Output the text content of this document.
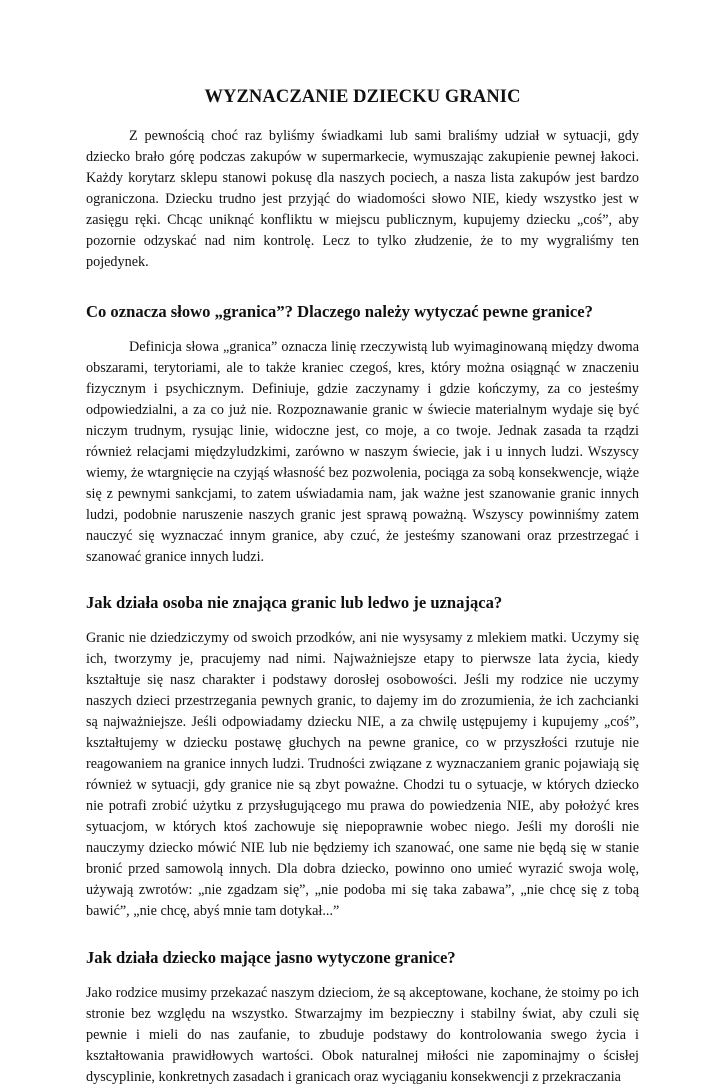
WYZNACZANIE DZIECKU GRANIC

Z pewnością choć raz byliśmy świadkami lub sami braliśmy udział w sytuacji, gdy dziecko brało górę podczas zakupów w supermarkecie, wymuszając zakupienie pewnej łakoci. Każdy korytarz sklepu stanowi pokusę dla naszych pociech, a nasza lista zakupów jest bardzo ograniczona. Dziecku trudno jest przyjąć do wiadomości słowo NIE, kiedy wszystko jest w zasięgu ręki. Chcąc uniknąć konfliktu w miejscu publicznym, kupujemy dziecku „coś”, aby pozornie odzyskać nad nim kontrolę. Lecz to tylko złudzenie, że to my wygraliśmy ten pojedynek.

Co oznacza słowo „granica”? Dlaczego należy wytyczać pewne granice?

Definicja słowa „granica” oznacza linię rzeczywistą lub wyimaginowaną między dwoma obszarami, terytoriami, ale to także kraniec czegoś, kres, który można osiągnąć w znaczeniu fizycznym i psychicznym. Definiuje, gdzie zaczynamy i gdzie kończymy, za co jesteśmy odpowiedzialni, a za co już nie. Rozpoznawanie granic w świecie materialnym wydaje się być niczym trudnym, rysując linie, widoczne jest, co moje, a co twoje. Jednak zasada ta rządzi również relacjami międzyludzkimi, zarówno w naszym świecie, jak i u innych ludzi. Wszyscy wiemy, że wtargnięcie na czyjąś własność bez pozwolenia, pociąga za sobą konsekwencje, wiąże się z pewnymi sankcjami, to zatem uświadamia nam, jak ważne jest szanowanie granic innych ludzi, podobnie naruszenie naszych granic jest sprawą poważną. Wszyscy powinniśmy zatem nauczyć się wyznaczać innym granice, aby czuć, że jesteśmy szanowani oraz przestrzegać i szanować granice innych ludzi.

Jak działa osoba nie znająca granic lub ledwo je uznająca?

Granic nie dziedziczymy od swoich przodków, ani nie wysysamy z mlekiem matki. Uczymy się ich, tworzymy je, pracujemy nad nimi. Najważniejsze etapy to pierwsze lata życia, kiedy kształtuje się nasz charakter i podstawy dorosłej osobowości. Jeśli my rodzice nie uczymy naszych dzieci przestrzegania pewnych granic, to dajemy im do zrozumienia, że ich zachcianki są najważniejsze. Jeśli odpowiadamy dziecku NIE, a za chwilę ustępujemy i kupujemy „coś”, kształtujemy w dziecku postawę głuchych na pewne granice, co w przyszłości rzutuje nie reagowaniem na granice innych ludzi. Trudności związane z wyznaczaniem granic pojawiają się również w sytuacji, gdy granice nie są zbyt poważne. Chodzi tu o sytuacje, w których dziecko nie potrafi zrobić użytku z przysługującego mu prawa do powiedzenia NIE, aby położyć kres sytuacjom, w których ktoś zachowuje się niepoprawnie wobec niego. Jeśli my dorośli nie nauczymy dziecko mówić NIE lub nie będziemy ich szanować, one same nie będą się w stanie bronić przed samowolą innych. Dla dobra dziecko, powinno ono umieć wyrazić swoja wolę, używają zwrotów: „nie zgadzam się”, „nie podoba mi się taka zabawa”, „nie chcę się z tobą bawić”, „nie chcę, abyś mnie tam dotykał...”

Jak działa dziecko mające jasno wytyczone granice?

Jako rodzice musimy przekazać naszym dzieciom, że są akceptowane, kochane, że stoimy po ich stronie bez względu na wszystko. Stwarzajmy im bezpieczny i stabilny świat, aby czuli się pewnie i mieli do nas zaufanie, to zbuduje podstawy do kontrolowania swego życia i kształtowania prawidłowych wartości. Obok naturalnej miłości nie zapominajmy o ścisłej dyscyplinie, konkretnych zasadach i granicach oraz wyciąganiu konsekwencji z przekraczania
